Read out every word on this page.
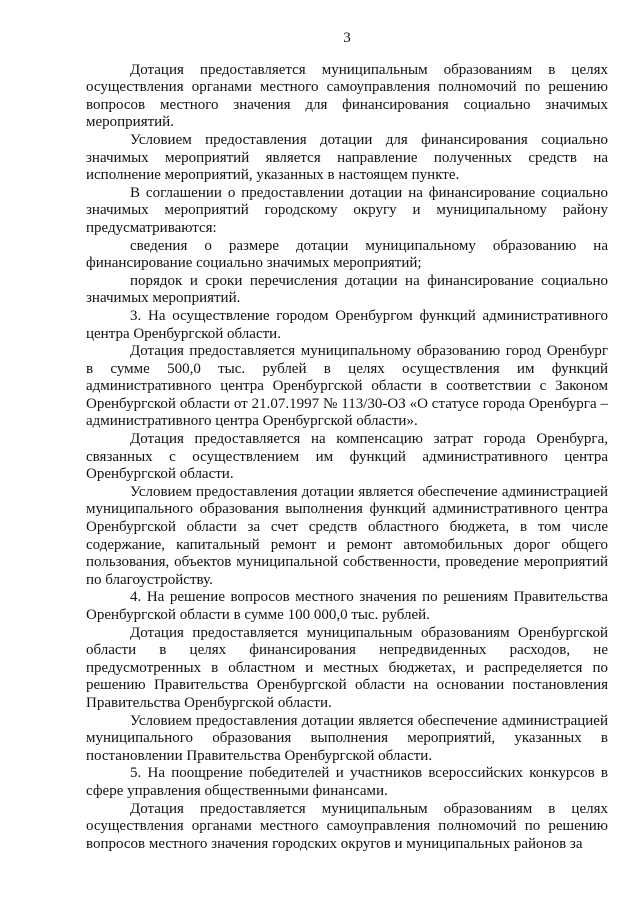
3

Дотация предоставляется муниципальным образованиям в целях осуществления органами местного самоуправления полномочий по решению вопросов местного значения для финансирования социально значимых мероприятий.

Условием предоставления дотации для финансирования социально значимых мероприятий является направление полученных средств на исполнение мероприятий, указанных в настоящем пункте.

В соглашении о предоставлении дотации на финансирование социально значимых мероприятий городскому округу и муниципальному району предусматриваются:

сведения о размере дотации муниципальному образованию на финансирование социально значимых мероприятий;

порядок и сроки перечисления дотации на финансирование социально значимых мероприятий.

3. На осуществление городом Оренбургом функций административного центра Оренбургской области.

Дотация предоставляется муниципальному образованию город Оренбург в сумме 500,0 тыс. рублей в целях осуществления им функций административного центра Оренбургской области в соответствии с Законом Оренбургской области от 21.07.1997 № 113/30-ОЗ «О статусе города Оренбурга – административного центра Оренбургской области».

Дотация предоставляется на компенсацию затрат города Оренбурга, связанных с осуществлением им функций административного центра Оренбургской области.

Условием предоставления дотации является обеспечение администрацией муниципального образования выполнения функций административного центра Оренбургской области за счет средств областного бюджета, в том числе содержание, капитальный ремонт и ремонт автомобильных дорог общего пользования, объектов муниципальной собственности, проведение мероприятий по благоустройству.

4. На решение вопросов местного значения по решениям Правительства Оренбургской области в сумме 100 000,0 тыс. рублей.

Дотация предоставляется муниципальным образованиям Оренбургской области в целях финансирования непредвиденных расходов, не предусмотренных в областном и местных бюджетах, и распределяется по решению Правительства Оренбургской области на основании постановления Правительства Оренбургской области.

Условием предоставления дотации является обеспечение администрацией муниципального образования выполнения мероприятий, указанных в постановлении Правительства Оренбургской области.

5. На поощрение победителей и участников всероссийских конкурсов в сфере управления общественными финансами.

Дотация предоставляется муниципальным образованиям в целях осуществления органами местного самоуправления полномочий по решению вопросов местного значения городских округов и муниципальных районов за
